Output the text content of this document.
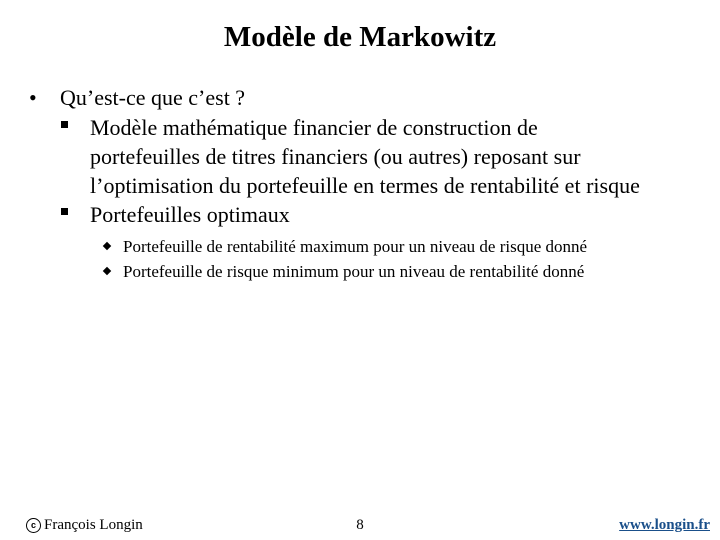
Modèle de Markowitz
• Qu’est-ce que c’est ?
Modèle mathématique financier de construction de portefeuilles de titres financiers (ou autres) reposant sur l’optimisation du portefeuille en termes de rentabilité et risque
Portefeuilles optimaux
Portefeuille de rentabilité maximum pour un niveau de risque donné
Portefeuille de risque minimum pour un niveau de rentabilité donné
c François Longin	8	www.longin.fr
